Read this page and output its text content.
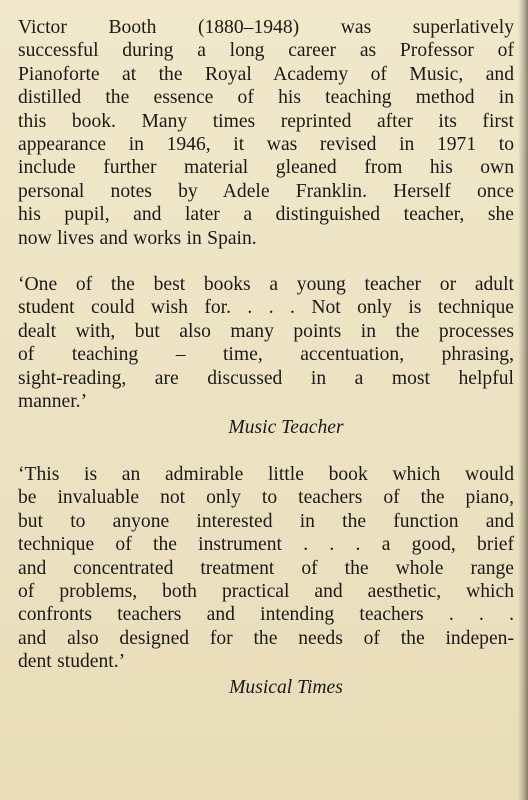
Victor Booth (1880–1948) was superlatively
successful during a long career as Professor of
Pianoforte at the Royal Academy of Music, and
distilled the essence of his teaching method in
this book. Many times reprinted after its first
appearance in 1946, it was revised in 1971 to
include further material gleaned from his own
personal notes by Adele Franklin. Herself once
his pupil, and later a distinguished teacher, she
now lives and works in Spain.

‘One of the best books a young teacher or adult
student could wish for. . . . Not only is technique
dealt with, but also many points in the processes
of teaching – time, accentuation, phrasing,
sight-reading, are discussed in a most helpful
manner.’

Music Teacher

‘This is an admirable little book which would
be invaluable not only to teachers of the piano,
but to anyone interested in the function and
technique of the instrument . . . a good, brief
and concentrated treatment of the whole range
of problems, both practical and aesthetic, which
confronts teachers and intending teachers . . .
and also designed for the needs of the indepen-
dent student.’

Musical Times
